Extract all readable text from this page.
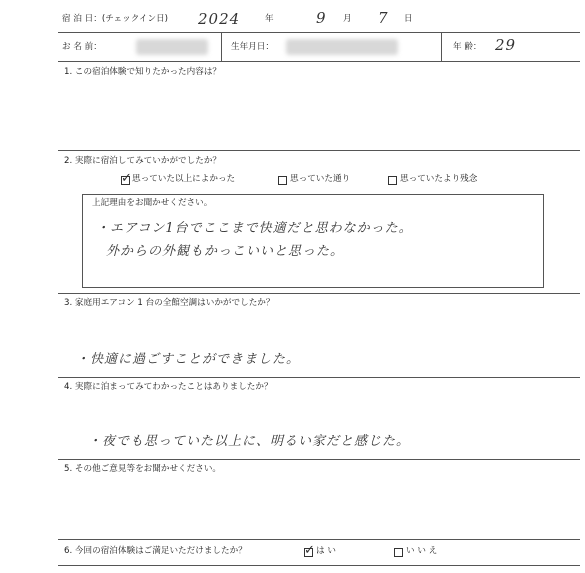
宿 泊 日：(チェックイン日) 2024	年	9 月 7 日
お 名 前：	生年月日：	年 齢： 29
1. この宿泊体験で知りたかった内容は？
2. 実際に宿泊してみていかがでしたか？
✓ 思っていた以上によかった	思っていた通り	思っていたより残念
上記理由をお聞かせください。
・エアコン1台でここまで快適だと思わなかった。
外からの外観もかっこいいと思った。
3. 家庭用エアコン 1 台の全館空調はいかがでしたか？
・快適に過ごすことができました。
4. 実際に泊まってみてわかったことはありましたか？
・夜でも思っていた以上に、明るい家だと感じた。
5. その他ご意見等をお聞かせください。
6. 今回の宿泊体験はご満足いただけましたか？	✓ は い	い い え
